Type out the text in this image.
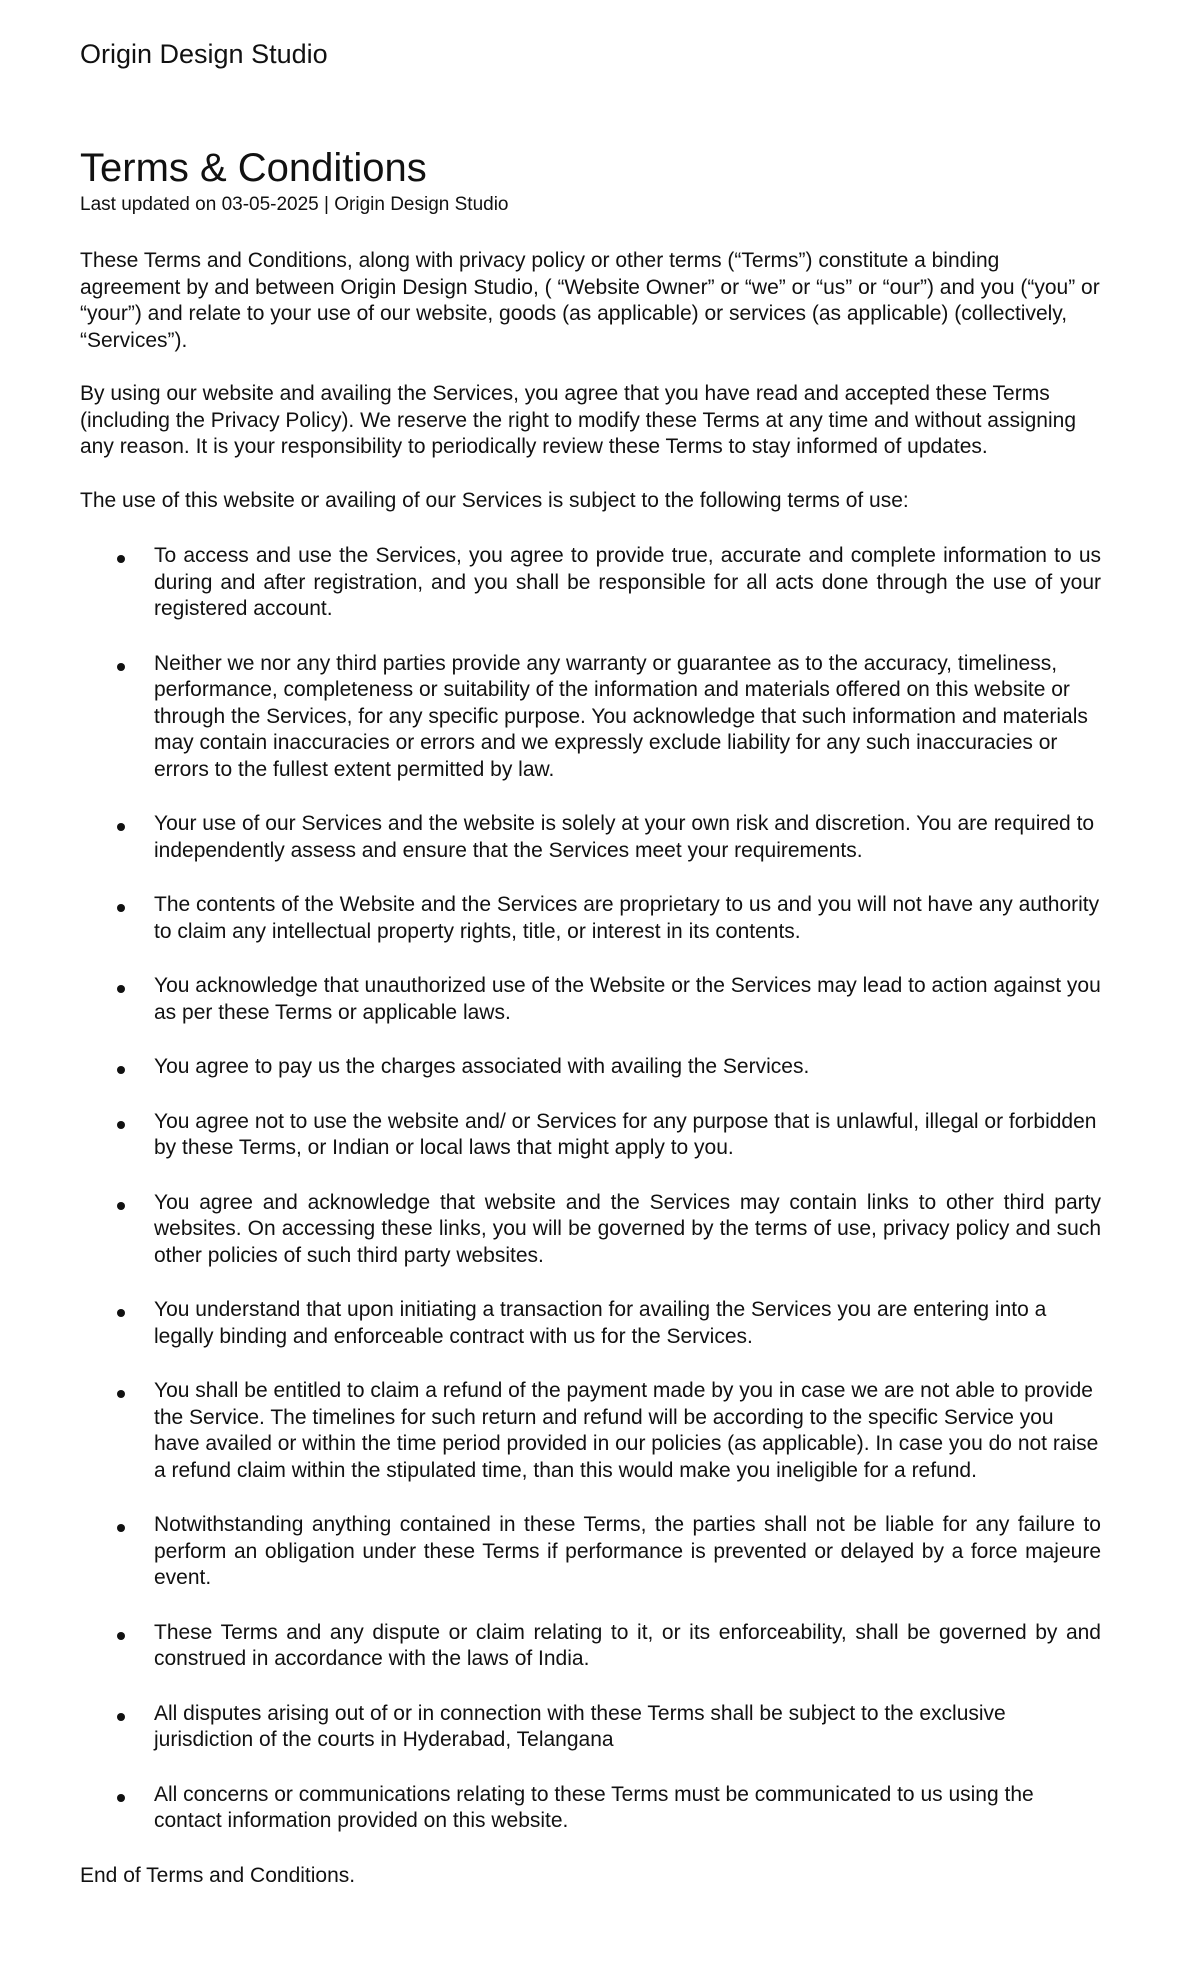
Origin Design Studio
Terms & Conditions
Last updated on 03-05-2025 | Origin Design Studio

These Terms and Conditions, along with privacy policy or other terms (“Terms”) constitute a binding agreement by and between Origin Design Studio, ( “Website Owner” or “we” or “us” or “our”) and you (“you” or “your”) and relate to your use of our website, goods (as applicable) or services (as applicable) (collectively, “Services”).

By using our website and availing the Services, you agree that you have read and accepted these Terms (including the Privacy Policy). We reserve the right to modify these Terms at any time and without assigning any reason. It is your responsibility to periodically review these Terms to stay informed of updates.

The use of this website or availing of our Services is subject to the following terms of use:

To access and use the Services, you agree to provide true, accurate and complete information to us during and after registration, and you shall be responsible for all acts done through the use of your registered account.
Neither we nor any third parties provide any warranty or guarantee as to the accuracy, timeliness, performance, completeness or suitability of the information and materials offered on this website or through the Services, for any specific purpose. You acknowledge that such information and materials may contain inaccuracies or errors and we expressly exclude liability for any such inaccuracies or errors to the fullest extent permitted by law.
Your use of our Services and the website is solely at your own risk and discretion. You are required to independently assess and ensure that the Services meet your requirements.
The contents of the Website and the Services are proprietary to us and you will not have any authority to claim any intellectual property rights, title, or interest in its contents.
You acknowledge that unauthorized use of the Website or the Services may lead to action against you as per these Terms or applicable laws.
You agree to pay us the charges associated with availing the Services.
You agree not to use the website and/ or Services for any purpose that is unlawful, illegal or forbidden by these Terms, or Indian or local laws that might apply to you.
You agree and acknowledge that website and the Services may contain links to other third party websites. On accessing these links, you will be governed by the terms of use, privacy policy and such other policies of such third party websites.
You understand that upon initiating a transaction for availing the Services you are entering into a legally binding and enforceable contract with us for the Services.
You shall be entitled to claim a refund of the payment made by you in case we are not able to provide the Service. The timelines for such return and refund will be according to the specific Service you have availed or within the time period provided in our policies (as applicable). In case you do not raise a refund claim within the stipulated time, than this would make you ineligible for a refund.
Notwithstanding anything contained in these Terms, the parties shall not be liable for any failure to perform an obligation under these Terms if performance is prevented or delayed by a force majeure event.
These Terms and any dispute or claim relating to it, or its enforceability, shall be governed by and construed in accordance with the laws of India.
All disputes arising out of or in connection with these Terms shall be subject to the exclusive jurisdiction of the courts in Hyderabad, Telangana
All concerns or communications relating to these Terms must be communicated to us using the contact information provided on this website.

End of Terms and Conditions.
